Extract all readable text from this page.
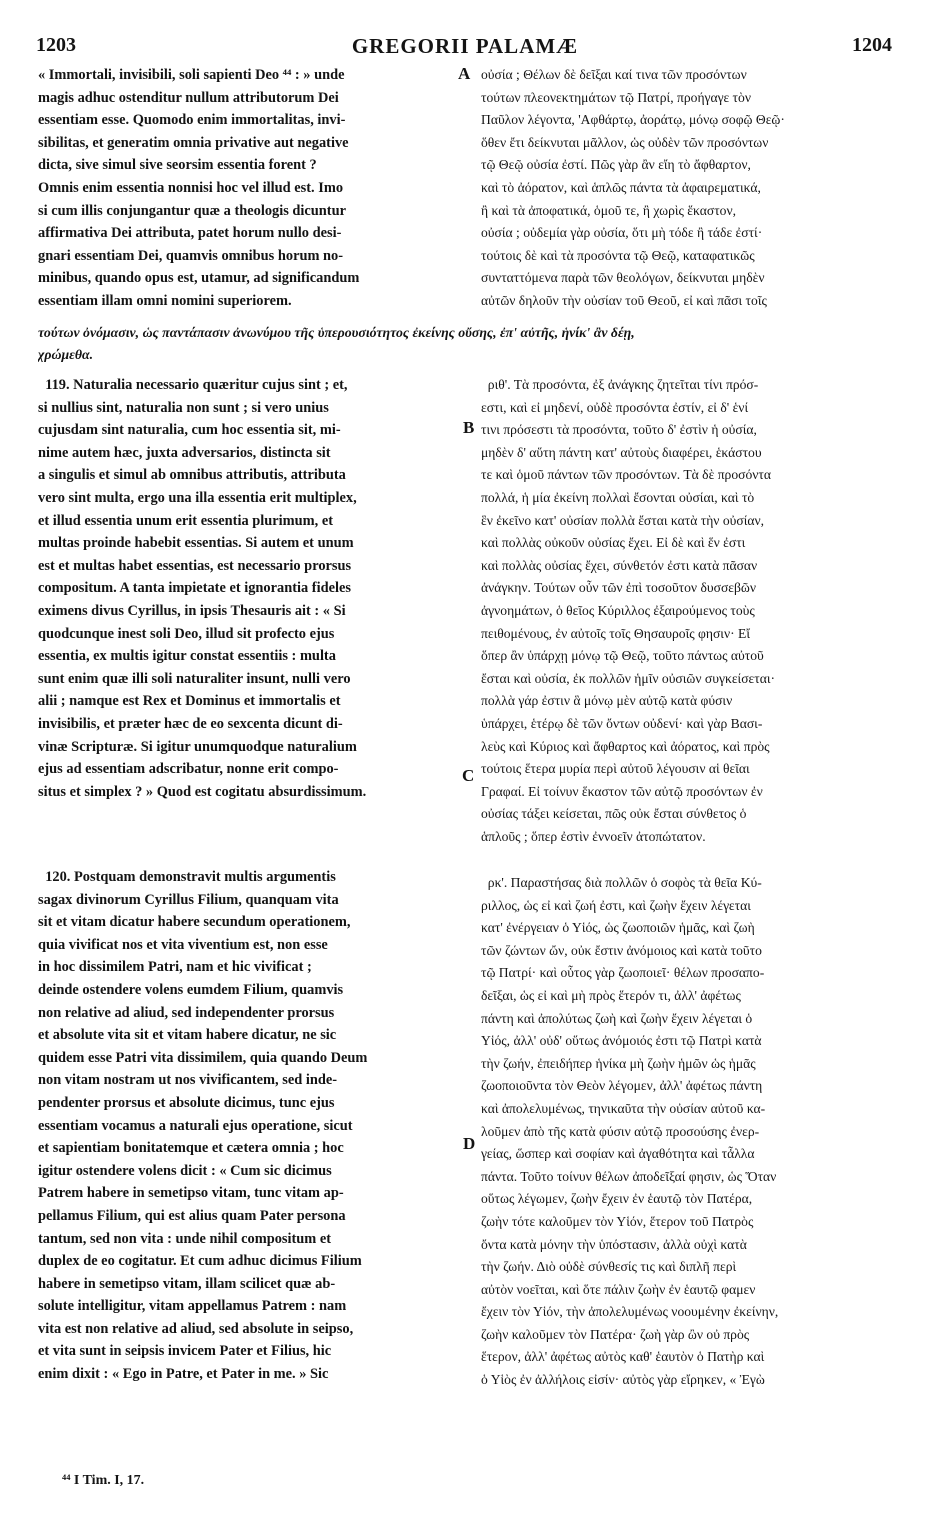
1203	GREGORII PALAMÆ	1204
« Immortali, invisibili, soli sapienti Deo ⁴⁴ : » unde
magis adhuc ostenditur nullum attributorum Dei
essentiam esse. Quomodo enim immortalitas, invi-
sibilitas, et generatim omnia privative aut negative
dicta, sive simul sive seorsim essentia forent ?
Omnis enim essentia nonnisi hoc vel illud est. Imo
si cum illis conjungantur quæ a theologis dicuntur
affirmativa Dei attributa, patet horum nullo desi-
gnari essentiam Dei, quamvis omnibus horum no-
minibus, quando opus est, utamur, ad significandum
essentiam illam omni nomini superiorem.
οὐσία ; Θέλων δὲ δεῖξαι καί τινα τῶν προσόντων
τούτων πλεονεκτημάτων τῷ Πατρί, προήγαγε τὸν
Παῦλον λέγοντα, 'Αφθάρτῳ, ἀοράτῳ, μόνῳ σοφῷ Θεῷ·
ὅθεν ἔτι δείκνυται μᾶλλον, ὡς οὐδὲν τῶν προσόντων
τῷ Θεῷ οὐσία ἐστί. Πῶς γὰρ ἂν εἴη τὸ ἄφθαρτον,
καὶ τὸ ἀόρατον, καὶ ἁπλῶς πάντα τὰ ἀφαιρεματικά,
ἢ καὶ τὰ ἀποφατικά, ὁμοῦ τε, ἢ χωρὶς ἕκαστον,
οὐσία ; οὐδεμία γὰρ οὐσία, ὅτι μὴ τόδε ἢ τάδε ἐστί·
τούτοις δὲ καὶ τὰ προσόντα τῷ Θεῷ, καταφατικῶς
συνταττόμενα παρὰ τῶν θεολόγων, δείκνυται μηδὲν
αὐτῶν δηλοῦν τὴν οὐσίαν τοῦ Θεοῦ, εἰ καὶ πᾶσι τοῖς
τούτων ὀνόμασιν, ὡς παντάπασιν ἀνωνύμου τῆς ὑπερουσιότητος ἐκείνης οὔσης, ἐπ' αὐτῆς, ἡνίκ' ἂν δέῃ,
χρώμεθα.
119. Naturalia necessario quæritur cujus sint ; et,
si nullius sint, naturalia non sunt ; si vero unius
cujusdam sint naturalia, cum hoc essentia sit, mi-
nime autem hæc, juxta adversarios, distincta sit
a singulis et simul ab omnibus attributis, attributa
vero sint multa, ergo una illa essentia erit multiplex,
et illud essentia unum erit essentia plurimum, et
multas proinde habebit essentias. Si autem et unum
est et multas habet essentias, est necessario prorsus
compositum. A tanta impietate et ignorantia fideles
eximens divus Cyrillus, in ipsis Thesauris ait : « Si
quodcunque inest soli Deo, illud sit profecto ejus
essentia, ex multis igitur constat essentiis : multa
sunt enim quæ illi soli naturaliter insunt, nulli vero
alii ; namque est Rex et Dominus et immortalis et
invisibilis, et præter hæc de eo sexcenta dicunt di-
vinæ Scripturæ. Si igitur unumquodque naturalium
ejus ad essentiam adscribatur, nonne erit compo-
situs et simplex ? » Quod est cogitatu absurdissimum.
ριθ'. Τὰ προσόντα, ἐξ ἀνάγκης ζητεῖται τίνι πρόσ-
εστι, καὶ εἰ μηδενί, οὐδὲ προσόντα ἐστίν, εἰ δ' ἑνί
τινι πρόσεστι τὰ προσόντα, τοῦτο δ' ἐστὶν ἡ οὐσία,
μηδὲν δ' αὕτη πάντη κατ' αὐτοὺς διαφέρει, ἑκάστου
τε καὶ ὁμοῦ πάντων τῶν προσόντων. Τὰ δὲ προσόντα
πολλά, ἡ μία ἐκείνη πολλαὶ ἔσονται οὐσίαι, καὶ τὸ
ἓν ἐκεῖνο κατ' οὐσίαν πολλὰ ἔσται κατὰ τὴν οὐσίαν,
καὶ πολλὰς οὐκοῦν οὐσίας ἔχει. Εἰ δὲ καὶ ἕν ἐστι
καὶ πολλὰς οὐσίας ἔχει, σύνθετόν ἐστι κατὰ πᾶσαν
ἀνάγκην. Τούτων οὖν τῶν ἐπὶ τοσοῦτον δυσσεβῶν
ἀγνοημάτων, ὁ θεῖος Κύριλλος ἐξαιρούμενος τοὺς
πειθομένους, ἐν αὐτοῖς τοῖς Θησαυροῖς φησιν· Εἴ
ὅπερ ἂν ὑπάρχῃ μόνῳ τῷ Θεῷ, τοῦτο πάντως αὐτοῦ
ἔσται καὶ οὐσία, ἐκ πολλῶν ἡμῖν οὐσιῶν συγκείσεται·
πολλὰ γάρ ἐστιν ἃ μόνῳ μὲν αὐτῷ κατὰ φύσιν
ὑπάρχει, ἑτέρῳ δὲ τῶν ὄντων οὐδενί· καὶ γὰρ Βασι-
λεὺς καὶ Κύριος καὶ ἄφθαρτος καὶ ἀόρατος, καὶ πρὸς
τούτοις ἕτερα μυρία περὶ αὐτοῦ λέγουσιν αἱ θεῖαι
Γραφαί. Εἰ τοίνυν ἕκαστον τῶν αὐτῷ προσόντων ἐν
οὐσίας τάξει κείσεται, πῶς οὐκ ἔσται σύνθετος ὁ
ἁπλοῦς ; ὅπερ ἐστὶν ἐννοεῖν ἀτοπώτατον.
120. Postquam demonstravit multis argumentis
sagax divinorum Cyrillus Filium, quanquam vita
sit et vitam dicatur habere secundum operationem,
quia vivificat nos et vita viventium est, non esse
in hoc dissimilem Patri, nam et hic vivificat ;
deinde ostendere volens eumdem Filium, quamvis
non relative ad aliud, sed independenter prorsus
et absolute vita sit et vitam habere dicatur, ne sic
quidem esse Patri vita dissimilem, quia quando Deum
non vitam nostram ut nos vivificantem, sed inde-
pendenter prorsus et absolute dicimus, tunc ejus
essentiam vocamus a naturali ejus operatione, sicut
et sapientiam bonitatemque et cætera omnia ; hoc
igitur ostendere volens dicit : « Cum sic dicimus
Patrem habere in semetipso vitam, tunc vitam ap-
pellamus Filium, qui est alius quam Pater persona
tantum, sed non vita : unde nihil compositum et
duplex de eo cogitatur. Et cum adhuc dicimus Filium
habere in semetipso vitam, illam scilicet quæ ab-
solute intelligitur, vitam appellamus Patrem : nam
vita est non relative ad aliud, sed absolute in seipso,
et vita sunt in seipsis invicem Pater et Filius, hic
enim dixit : « Ego in Patre, et Pater in me. » Sic
ρκ'. Παραστήσας διὰ πολλῶν ὁ σοφὸς τὰ θεῖα Κύ-
ριλλος, ὡς εἰ καὶ ζωή ἐστι, καὶ ζωὴν ἔχειν λέγεται
κατ' ἐνέργειαν ὁ Υἱός, ὡς ζωοποιῶν ἡμᾶς, καὶ ζωὴ
τῶν ζώντων ὤν, οὐκ ἔστιν ἀνόμοιος καὶ κατὰ τοῦτο
τῷ Πατρί· καὶ οὗτος γὰρ ζωοποιεῖ· θέλων προσαπο-
δεῖξαι, ὡς εἰ καὶ μὴ πρὸς ἕτερόν τι, ἀλλ' ἀφέτως
πάντη καὶ ἀπολύτως ζωὴ καὶ ζωὴν ἔχειν λέγεται ὁ
Υἱός, ἀλλ' οὐδ' οὕτως ἀνόμοιός ἐστι τῷ Πατρὶ κατὰ
τὴν ζωήν, ἐπειδήπερ ἡνίκα μὴ ζωὴν ἡμῶν ὡς ἡμᾶς
ζωοποιοῦντα τὸν Θεὸν λέγομεν, ἀλλ' ἀφέτως πάντη
καὶ ἀπολελυμένως, τηνικαῦτα τὴν οὐσίαν αὐτοῦ κα-
λοῦμεν ἀπὸ τῆς κατὰ φύσιν αὐτῷ προσούσης ἐνερ-
γείας, ὥσπερ καὶ σοφίαν καὶ ἀγαθότητα καὶ τἆλλα
πάντα. Τοῦτο τοίνυν θέλων ἀποδεῖξαί φησιν, ὡς Ὅταν
οὕτως λέγωμεν, ζωὴν ἔχειν ἐν ἑαυτῷ τὸν Πατέρα,
ζωὴν τότε καλοῦμεν τὸν Υἱόν, ἕτερον τοῦ Πατρὸς
ὄντα κατὰ μόνην τὴν ὑπόστασιν, ἀλλὰ οὐχὶ κατὰ
τὴν ζωήν. Διὸ οὐδὲ σύνθεσίς τις καὶ διπλῆ περὶ
αὐτὸν νοεῖται, καὶ ὅτε πάλιν ζωὴν ἐν ἑαυτῷ φαμεν
ἔχειν τὸν Υἱόν, τὴν ἀπολελυμένως νοουμένην ἐκείνην,
ζωὴν καλοῦμεν τὸν Πατέρα· ζωὴ γὰρ ὢν οὐ πρὸς
ἕτερον, ἀλλ' ἀφέτως αὐτὸς καθ' ἑαυτὸν ὁ Πατὴρ καὶ
ὁ Υἱὸς ἐν ἀλλήλοις εἰσίν· αὐτὸς γὰρ εἴρηκεν, « Ἐγὼ
A
B
C
D
⁴⁴ I Tim. I, 17.
